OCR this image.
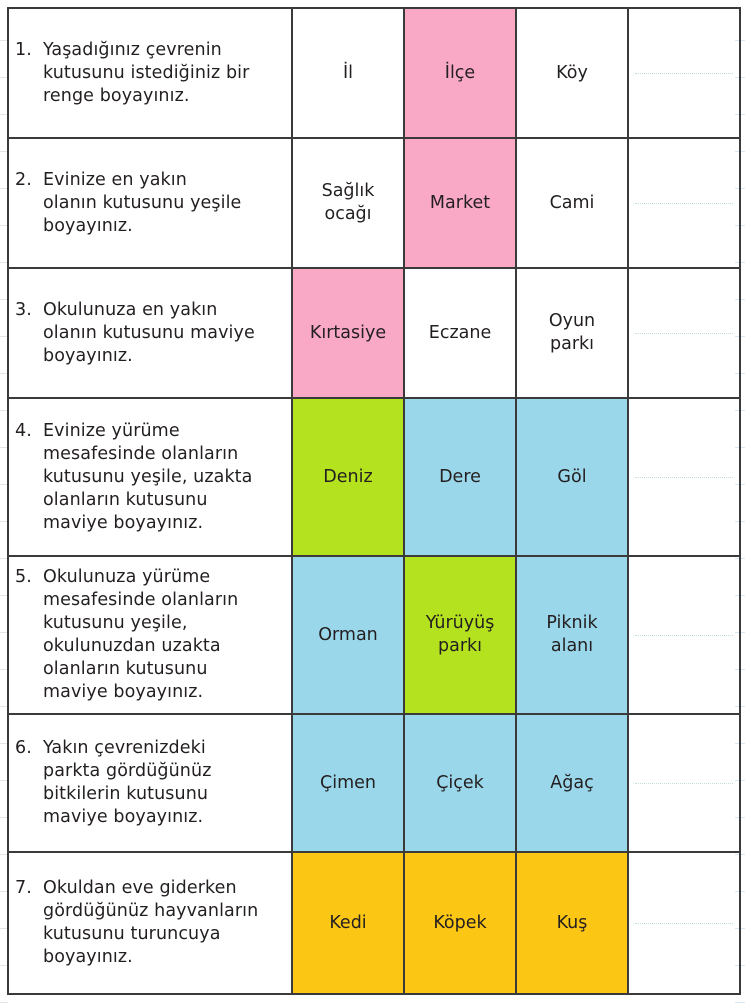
1. Yaşadığınız çevrenin
kutusunu istediğiniz bir
renge boyayınız.	İl	İlçe	Köy	

2. Evinize en yakın
olanın kutusunu yeşile
boyayınız.	Sağlık
ocağı	Market	Cami	

3. Okulunuza en yakın
olanın kutusunu maviye
boyayınız.	Kırtasiye	Eczane	Oyun
parkı	

4. Evinize yürüme
mesafesinde olanların
kutusunu yeşile, uzakta
olanların kutusunu
maviye boyayınız.
	Deniz	Dere	Göl	

5. Okulunuza yürüme
mesafesinde olanların
kutusunu yeşile,
okulunuzdan uzakta
olanların kutusunu
maviye boyayınız.
	Orman	Yürüyüş
parkı	Piknik
alanı	

6. Yakın çevrenizdeki
parkta gördüğünüz
bitkilerin kutusunu
maviye boyayınız.	Çimen	Çiçek	Ağaç	

7. Okuldan eve giderken
gördüğünüz hayvanların
kutusunu turuncuya
boyayınız.	Kedi	Köpek	Kuş	
